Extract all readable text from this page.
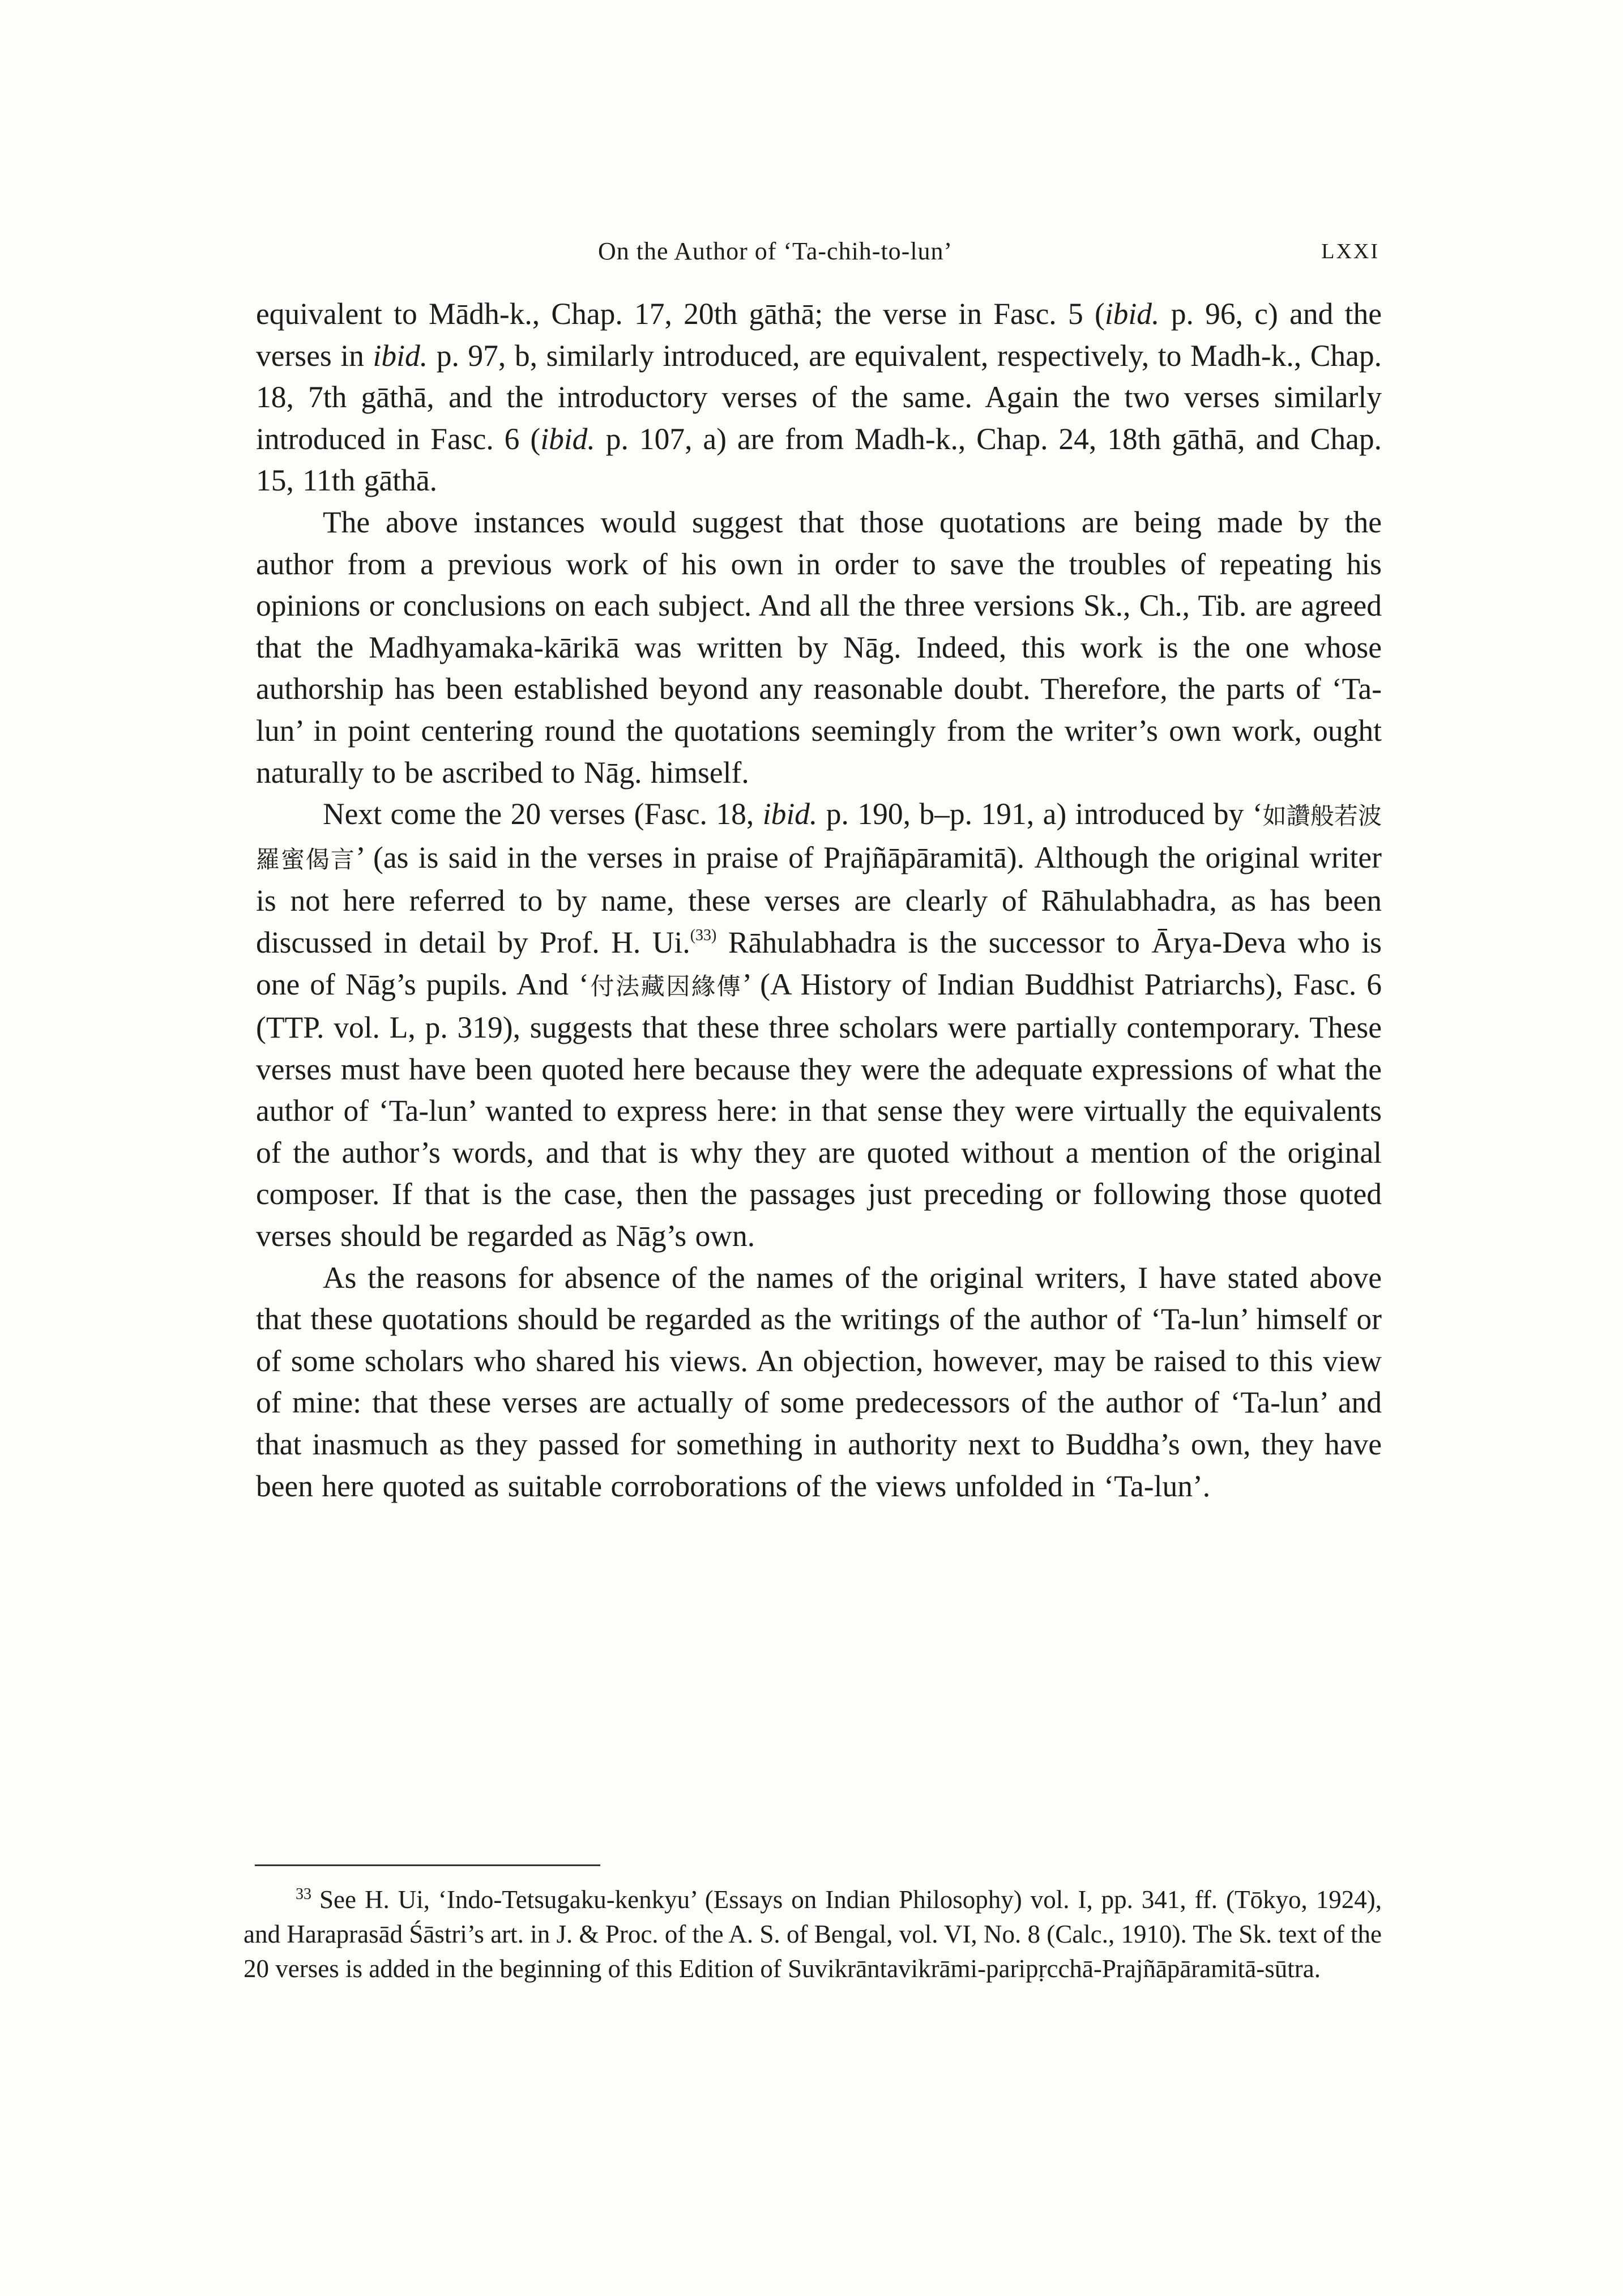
On the Author of ‘Ta-chih-to-lun’	LXXI

equivalent to Mādh-k., Chap. 17, 20th gāthā; the verse in Fasc. 5 (ibid. p. 96, c) and the verses in ibid. p. 97, b, similarly introduced, are equivalent, respectively, to Madh-k., Chap. 18, 7th gāthā, and the introductory verses of the same. Again the two verses similarly introduced in Fasc. 6 (ibid. p. 107, a) are from Madh-k., Chap. 24, 18th gāthā, and Chap. 15, 11th gāthā.

The above instances would suggest that those quotations are being made by the author from a previous work of his own in order to save the troubles of repeating his opinions or conclusions on each subject. And all the three versions Sk., Ch., Tib. are agreed that the Madhyamaka-kārikā was written by Nāg. Indeed, this work is the one whose authorship has been established beyond any reasonable doubt. Therefore, the parts of ‘Ta-lun’ in point centering round the quotations seemingly from the writer’s own work, ought naturally to be ascribed to Nāg. himself.

Next come the 20 verses (Fasc. 18, ibid. p. 190, b–p. 191, a) introduced by ‘如讚般若波羅蜜偈言’ (as is said in the verses in praise of Prajñāpāramitā). Although the original writer is not here referred to by name, these verses are clearly of Rāhulabhadra, as has been discussed in detail by Prof. H. Ui.$^{(33)}$ Rāhulabhadra is the successor to Ārya-Deva who is one of Nāg’s pupils. And ‘付法藏因緣傳’ (A History of Indian Buddhist Patriarchs), Fasc. 6 (TTP. vol. L, p. 319), suggests that these three scholars were partially contemporary. These verses must have been quoted here because they were the adequate expressions of what the author of ‘Ta-lun’ wanted to express here: in that sense they were virtually the equivalents of the author’s words, and that is why they are quoted without a mention of the original composer. If that is the case, then the passages just preceding or following those quoted verses should be regarded as Nāg’s own.

As the reasons for absence of the names of the original writers, I have stated above that these quotations should be regarded as the writings of the author of ‘Ta-lun’ himself or of some scholars who shared his views. An objection, however, may be raised to this view of mine: that these verses are actually of some predecessors of the author of ‘Ta-lun’ and that inasmuch as they passed for something in authority next to Buddha’s own, they have been here quoted as suitable corroborations of the views unfolded in ‘Ta-lun’.

$^{33}$ See H. Ui, ‘Indo-Tetsugaku-kenkyu’ (Essays on Indian Philosophy) vol. I, pp. 341, ff. (Tōkyo, 1924), and Haraprasād Śāstri’s art. in J. & Proc. of the A. S. of Bengal, vol. VI, No. 8 (Calc., 1910). The Sk. text of the 20 verses is added in the beginning of this Edition of Suvikrāntavikrāmi-paripṛcchā-Prajñāpāramitā-sūtra.
